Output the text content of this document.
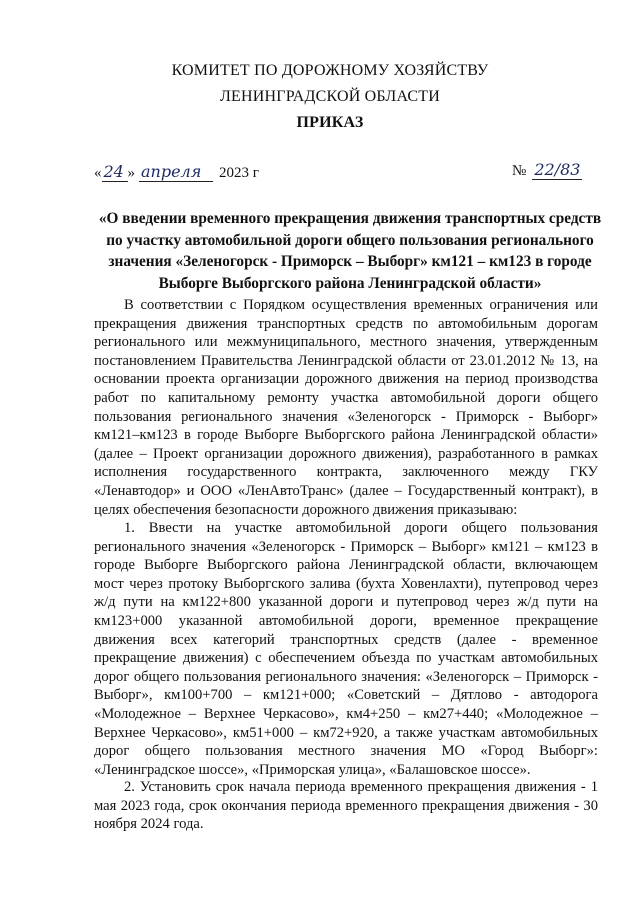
КОМИТЕТ ПО ДОРОЖНОМУ ХОЗЯЙСТВУ
ЛЕНИНГРАДСКОЙ ОБЛАСТИ
ПРИКАЗ
« 24 » апреля	2023 г	№ 22/83
«О введении временного прекращения движения транспортных средств по участку автомобильной дороги общего пользования регионального значения «Зеленогорск - Приморск – Выборг» км121 – км123 в городе Выборге Выборгского района Ленинградской области»
В соответствии с Порядком осуществления временных ограничения или прекращения движения транспортных средств по автомобильным дорогам регионального или межмуниципального, местного значения, утвержденным постановлением Правительства Ленинградской области от 23.01.2012 № 13, на основании проекта организации дорожного движения на период производства работ по капитальному ремонту участка автомобильной дороги общего пользования регионального значения «Зеленогорск - Приморск - Выборг» км121–км123 в городе Выборге Выборгского района Ленинградской области» (далее – Проект организации дорожного движения), разработанного в рамках исполнения государственного контракта, заключенного между ГКУ «Ленавтодор» и ООО «ЛенАвтоТранс» (далее – Государственный контракт), в целях обеспечения безопасности дорожного движения приказываю:
1. Ввести на участке автомобильной дороги общего пользования регионального значения «Зеленогорск - Приморск – Выборг» км121 – км123 в городе Выборге Выборгского района Ленинградской области, включающем мост через протоку Выборгского залива (бухта Ховенлахти), путепровод через ж/д пути на км122+800 указанной дороги и путепровод через ж/д пути на км123+000 указанной автомобильной дороги, временное прекращение движения всех категорий транспортных средств (далее - временное прекращение движения) с обеспечением объезда по участкам автомобильных дорог общего пользования регионального значения: «Зеленогорск – Приморск - Выборг», км100+700 – км121+000; «Советский – Дятлово - автодорога «Молодежное – Верхнее Черкасово», км4+250 – км27+440; «Молодежное – Верхнее Черкасово», км51+000 – км72+920, а также участкам автомобильных дорог общего пользования местного значения МО «Город Выборг»: «Ленинградское шоссе», «Приморская улица», «Балашовское шоссе».
2. Установить срок начала периода временного прекращения движения - 1 мая 2023 года, срок окончания периода временного прекращения движения - 30 ноября 2024 года.
